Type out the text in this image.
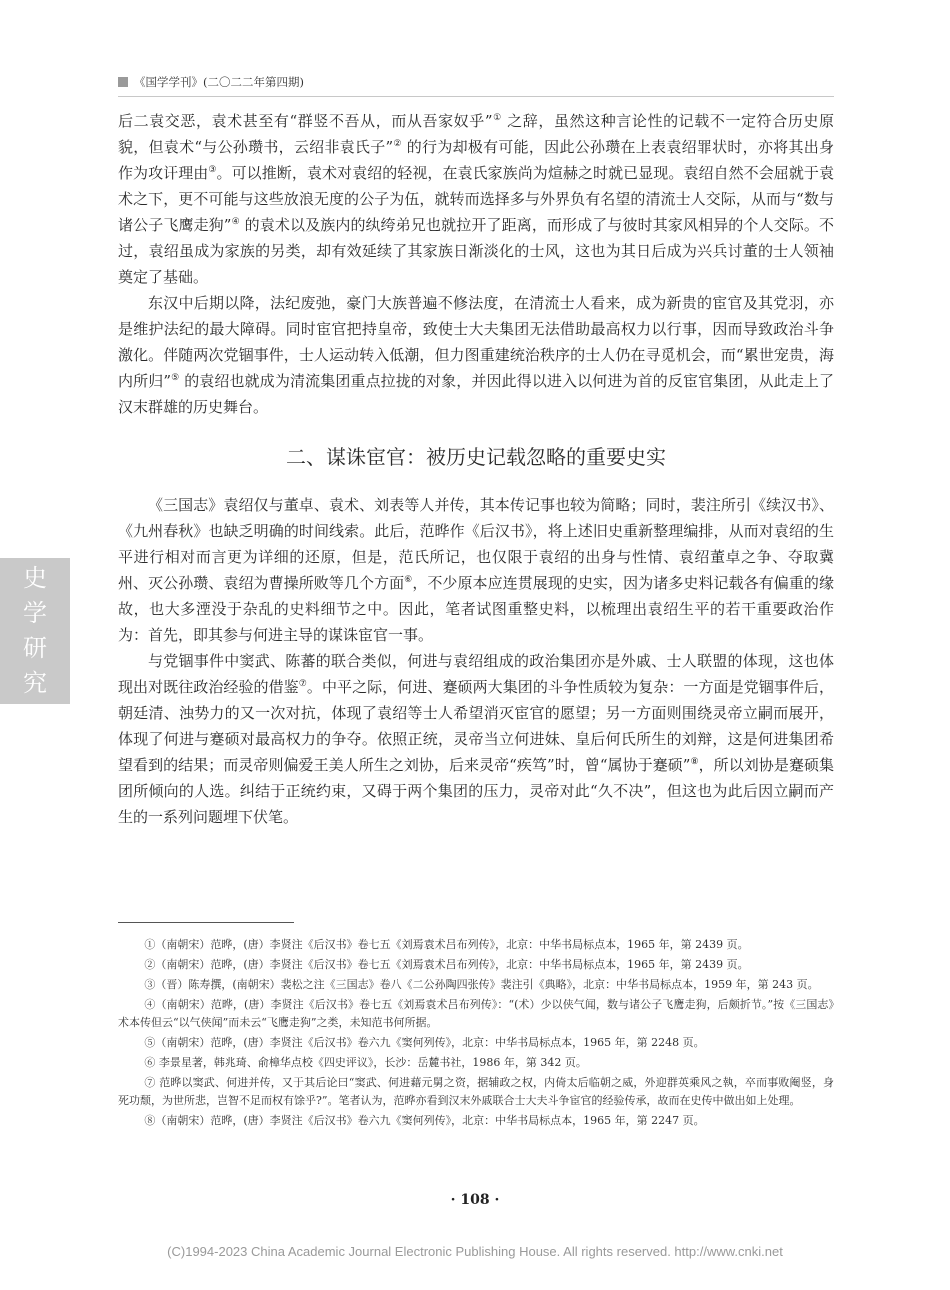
《国学学刊》(二〇二二年第四期)
史
学
研
究

后二袁交恶，袁术甚至有“群竖不吾从，而从吾家奴乎”① 之辞，虽然这种言论性的记载不一定符合历史原貌，但袁术“与公孙瓒书，云绍非袁氏子”② 的行为却极有可能，因此公孙瓒在上表袁绍罪状时，亦将其出身作为攻讦理由③。可以推断，袁术对袁绍的轻视，在袁氏家族尚为煊赫之时就已显现。袁绍自然不会屈就于袁术之下，更不可能与这些放浪无度的公子为伍，就转而选择多与外界负有名望的清流士人交际，从而与“数与诸公子飞鹰走狗”④ 的袁术以及族内的纨绔弟兄也就拉开了距离，而形成了与彼时其家风相异的个人交际。不过，袁绍虽成为家族的另类，却有效延续了其家族日渐淡化的士风，这也为其日后成为兴兵讨董的士人领袖奠定了基础。

东汉中后期以降，法纪废弛，豪门大族普遍不修法度，在清流士人看来，成为新贵的宦官及其党羽，亦是维护法纪的最大障碍。同时宦官把持皇帝，致使士大夫集团无法借助最高权力以行事，因而导致政治斗争激化。伴随两次党锢事件，士人运动转入低潮，但力图重建统治秩序的士人仍在寻觅机会，而“累世宠贵，海内所归”⑤ 的袁绍也就成为清流集团重点拉拢的对象，并因此得以进入以何进为首的反宦官集团，从此走上了汉末群雄的历史舞台。

二、谋诛宦官：被历史记载忽略的重要史实

《三国志》袁绍仅与董卓、袁术、刘表等人并传，其本传记事也较为简略；同时，裴注所引《续汉书》、《九州春秋》也缺乏明确的时间线索。此后，范晔作《后汉书》，将上述旧史重新整理编排，从而对袁绍的生平进行相对而言更为详细的还原，但是，范氏所记，也仅限于袁绍的出身与性情、袁绍董卓之争、夺取冀州、灭公孙瓒、袁绍为曹操所败等几个方面⑥，不少原本应连贯展现的史实，因为诸多史料记载各有偏重的缘故，也大多湮没于杂乱的史料细节之中。因此，笔者试图重整史料，以梳理出袁绍生平的若干重要政治作为：首先，即其参与何进主导的谋诛宦官一事。

与党锢事件中窦武、陈蕃的联合类似，何进与袁绍组成的政治集团亦是外戚、士人联盟的体现，这也体现出对既往政治经验的借鉴⑦。中平之际，何进、蹇硕两大集团的斗争性质较为复杂：一方面是党锢事件后，朝廷清、浊势力的又一次对抗，体现了袁绍等士人希望消灭宦官的愿望；另一方面则围绕灵帝立嗣而展开，体现了何进与蹇硕对最高权力的争夺。依照正统，灵帝当立何进妹、皇后何氏所生的刘辩，这是何进集团希望看到的结果；而灵帝则偏爱王美人所生之刘协，后来灵帝“疾笃”时，曾“属协于蹇硕”⑧，所以刘协是蹇硕集团所倾向的人选。纠结于正统约束，又碍于两个集团的压力，灵帝对此“久不决”，但这也为此后因立嗣而产生的一系列问题埋下伏笔。

①（南朝宋）范晔，(唐）李贤注《后汉书》卷七五《刘焉袁术吕布列传》，北京：中华书局标点本，1965 年，第 2439 页。

②（南朝宋）范晔，(唐）李贤注《后汉书》卷七五《刘焉袁术吕布列传》，北京：中华书局标点本，1965 年，第 2439 页。

③（晋）陈寿撰，(南朝宋）裴松之注《三国志》卷八《二公孙陶四张传》裴注引《典略》，北京：中华书局标点本，1959 年，第 243 页。

④（南朝宋）范晔，(唐）李贤注《后汉书》卷七五《刘焉袁术吕布列传》：“(术）少以侠气闻，数与诸公子飞鹰走狗，后颇折节。”按《三国志》术本传但云“以气侠闻”而未云“飞鹰走狗”之类，未知范书何所据。

⑤（南朝宋）范晔，(唐）李贤注《后汉书》卷六九《窦何列传》，北京：中华书局标点本，1965 年，第 2248 页。

⑥ 李景星著，韩兆琦、俞樟华点校《四史评议》，长沙：岳麓书社，1986 年，第 342 页。

⑦ 范晔以窦武、何进并传，又于其后论曰“窦武、何进藉元舅之资，据辅政之权，内倚太后临朝之威，外迎群英乘风之執，卒而事败阉竖，身死功颓，为世所悲，岂智不足而权有馀乎?”。笔者认为，范晔亦看到汉末外戚联合士大夫斗争宦官的经验传承，故而在史传中做出如上处理。

⑧（南朝宋）范晔，(唐）李贤注《后汉书》卷六九《窦何列传》，北京：中华书局标点本，1965 年，第 2247 页。

· 108 ·
(C)1994-2023 China Academic Journal Electronic Publishing House. All rights reserved. http://www.cnki.net
